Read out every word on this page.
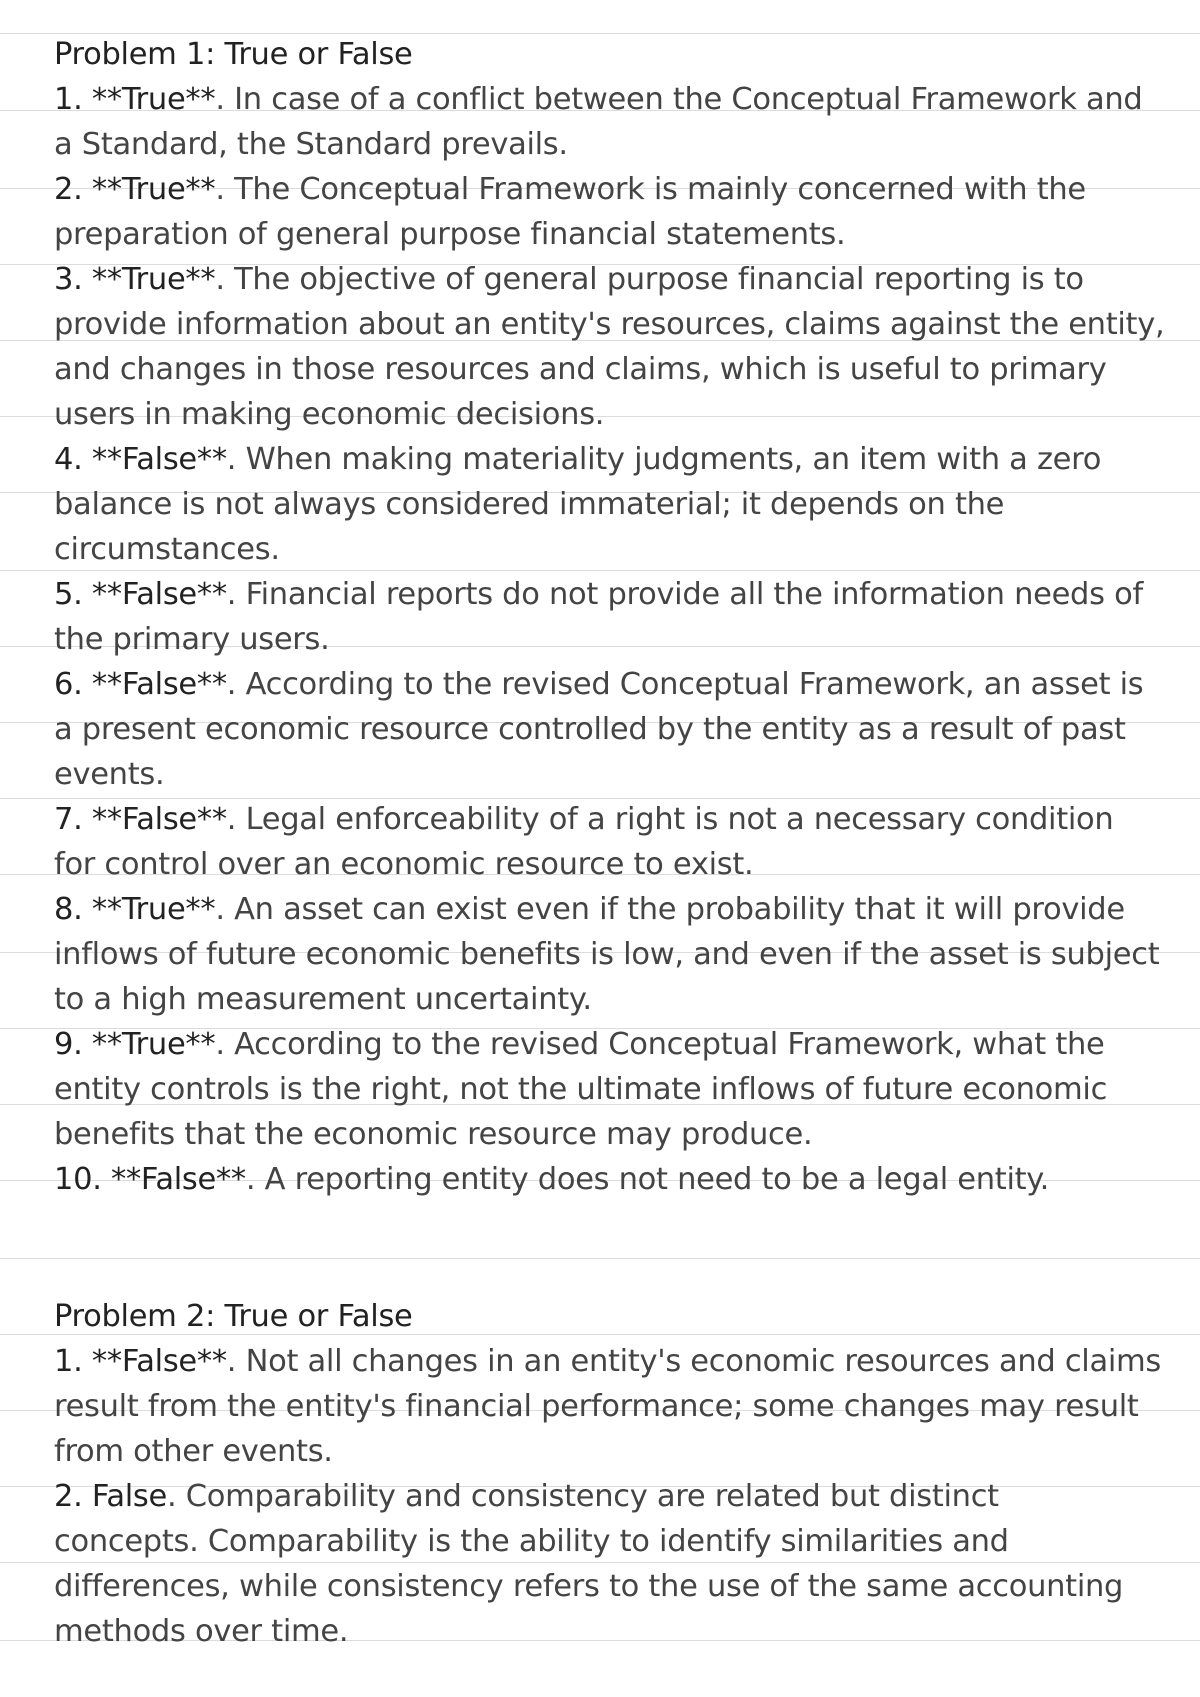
Problem 1: True or False
1. **True**. In case of a conflict between the Conceptual Framework and
a Standard, the Standard prevails.
2. **True**. The Conceptual Framework is mainly concerned with the
preparation of general purpose financial statements.
3. **True**. The objective of general purpose financial reporting is to
provide information about an entity's resources, claims against the entity,
and changes in those resources and claims, which is useful to primary
users in making economic decisions.
4. **False**. When making materiality judgments, an item with a zero
balance is not always considered immaterial; it depends on the
circumstances.
5. **False**. Financial reports do not provide all the information needs of
the primary users.
6. **False**. According to the revised Conceptual Framework, an asset is
a present economic resource controlled by the entity as a result of past
events.
7. **False**. Legal enforceability of a right is not a necessary condition
for control over an economic resource to exist.
8. **True**. An asset can exist even if the probability that it will provide
inflows of future economic benefits is low, and even if the asset is subject
to a high measurement uncertainty.
9. **True**. According to the revised Conceptual Framework, what the
entity controls is the right, not the ultimate inflows of future economic
benefits that the economic resource may produce.
10. **False**. A reporting entity does not need to be a legal entity.
Problem 2: True or False
1. **False**. Not all changes in an entity's economic resources and claims
result from the entity's financial performance; some changes may result
from other events.
2. False. Comparability and consistency are related but distinct
concepts. Comparability is the ability to identify similarities and
differences, while consistency refers to the use of the same accounting
methods over time.
